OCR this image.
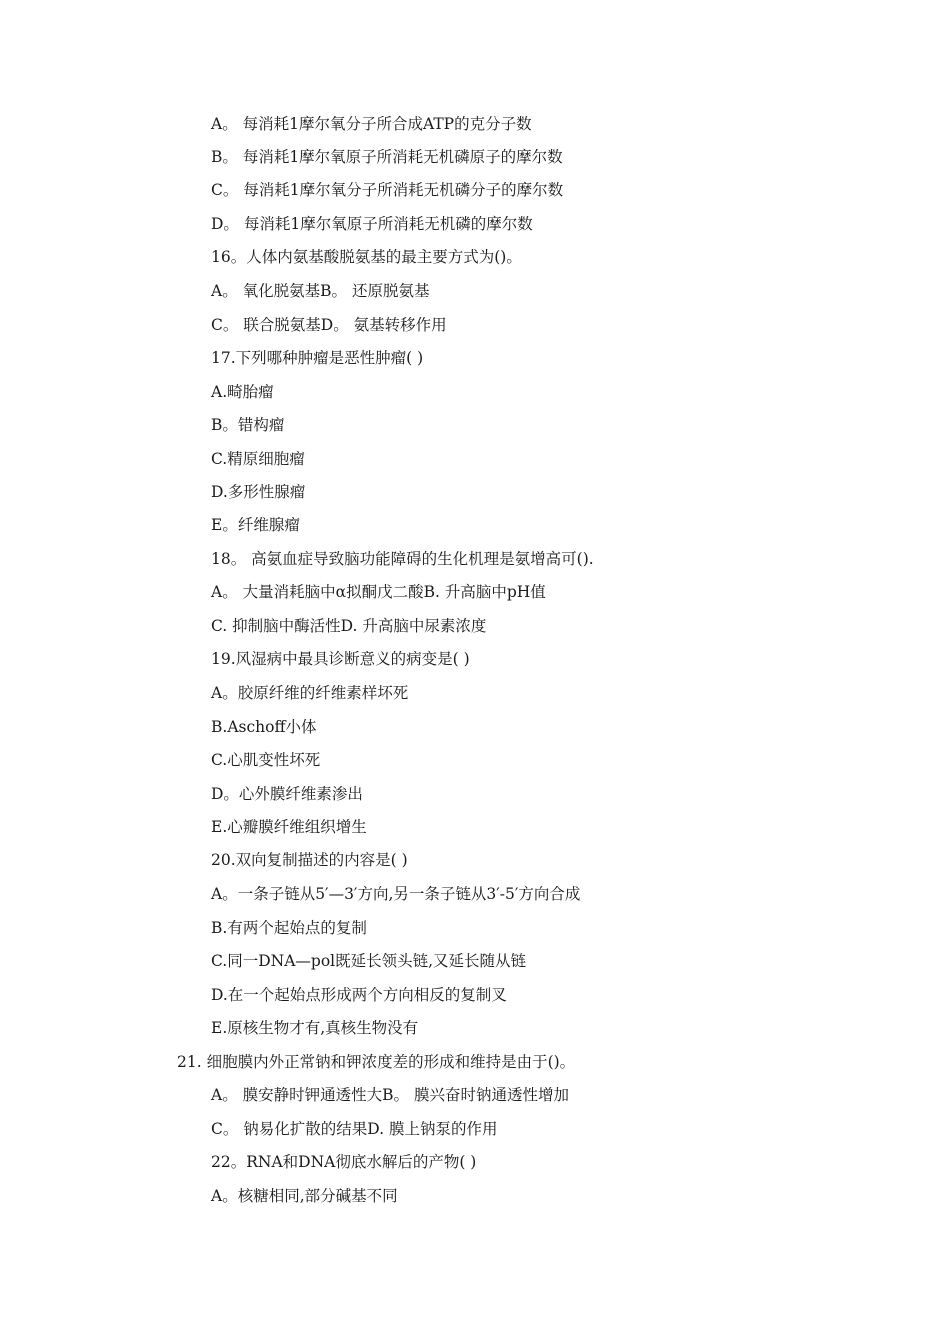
A。 每消耗1摩尔氧分子所合成ATP的克分子数
B。 每消耗1摩尔氧原子所消耗无机磷原子的摩尔数
C。 每消耗1摩尔氧分子所消耗无机磷分子的摩尔数
D。 每消耗1摩尔氧原子所消耗无机磷的摩尔数
16。人体内氨基酸脱氨基的最主要方式为()。
A。 氧化脱氨基B。 还原脱氨基
C。 联合脱氨基D。 氨基转移作用
17.下列哪种肿瘤是恶性肿瘤( )
A.畸胎瘤
B。错构瘤
C.精原细胞瘤
D.多形性腺瘤
E。纤维腺瘤
18。 高氨血症导致脑功能障碍的生化机理是氨增高可().
A。 大量消耗脑中α拟酮戊二酸B. 升高脑中pH值
C. 抑制脑中酶活性D. 升高脑中尿素浓度
19.风湿病中最具诊断意义的病变是( )
A。胶原纤维的纤维素样坏死
B.Aschoff小体
C.心肌变性坏死
D。心外膜纤维素渗出
E.心瓣膜纤维组织增生
20.双向复制描述的内容是( )
A。一条子链从5′—3′方向,另一条子链从3′-5′方向合成
B.有两个起始点的复制
C.同一DNA—pol既延长领头链,又延长随从链
D.在一个起始点形成两个方向相反的复制叉
E.原核生物才有,真核生物没有
21. 细胞膜内外正常钠和钾浓度差的形成和维持是由于()。
A。 膜安静时钾通透性大B。 膜兴奋时钠通透性增加
C。 钠易化扩散的结果D. 膜上钠泵的作用
22。RNA和DNA彻底水解后的产物( )
A。核糖相同,部分碱基不同
